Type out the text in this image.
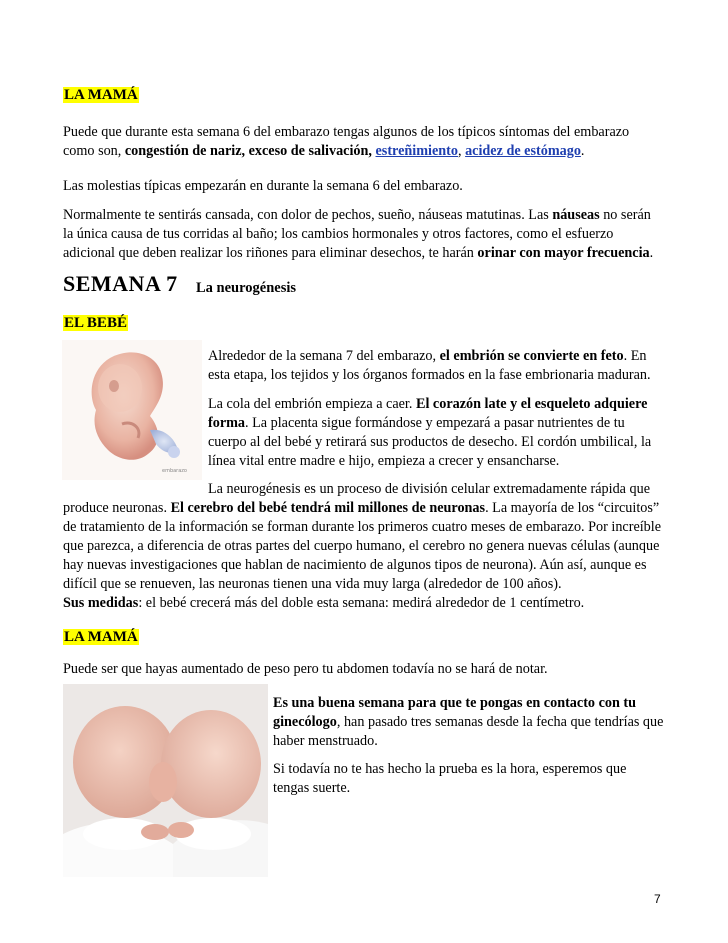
LA MAMÁ
Puede que durante esta semana 6 del embarazo tengas algunos de los típicos síntomas del embarazo como son, congestión de nariz, exceso de salivación, estreñimiento, acidez de estómago.
Las molestias típicas empezarán en durante la semana 6 del embarazo.
Normalmente te sentirás cansada, con dolor de pechos, sueño, náuseas matutinas. Las náuseas no serán la única causa de tus corridas al baño; los cambios hormonales y otros factores, como el esfuerzo adicional que deben realizar los riñones para eliminar desechos, te harán orinar con mayor frecuencia.
SEMANA 7 La neurogénesis
EL BEBÉ
embarazo
Alrededor de la semana 7 del embarazo, el embrión se convierte en feto. En esta etapa, los tejidos y los órganos formados en la fase embrionaria maduran.
La cola del embrión empieza a caer. El corazón late y el esqueleto adquiere forma. La placenta sigue formándose y empezará a pasar nutrientes de tu cuerpo al del bebé y retirará sus productos de desecho. El cordón umbilical, la línea vital entre madre e hijo, empieza a crecer y ensancharse.
La neurogénesis es un proceso de división celular extremadamente rápida que
produce neuronas. El cerebro del bebé tendrá mil millones de neuronas. La mayoría de los “circuitos” de tratamiento de la información se forman durante los primeros cuatro meses de embarazo. Por increíble que parezca, a diferencia de otras partes del cuerpo humano, el cerebro no genera nuevas células (aunque hay nuevas investigaciones que hablan de nacimiento de algunos tipos de neurona). Aún así, aunque es difícil que se renueven, las neuronas tienen una vida muy larga (alrededor de 100 años).
Sus medidas: el bebé crecerá más del doble esta semana: medirá alrededor de 1 centímetro.
LA MAMÁ
Puede ser que hayas aumentado de peso pero tu abdomen todavía no se hará de notar.
Es una buena semana para que te pongas en contacto con tu ginecólogo, han pasado tres semanas desde la fecha que tendrías que haber menstruado.
Si todavía no te has hecho la prueba es la hora, esperemos que tengas suerte.
7
